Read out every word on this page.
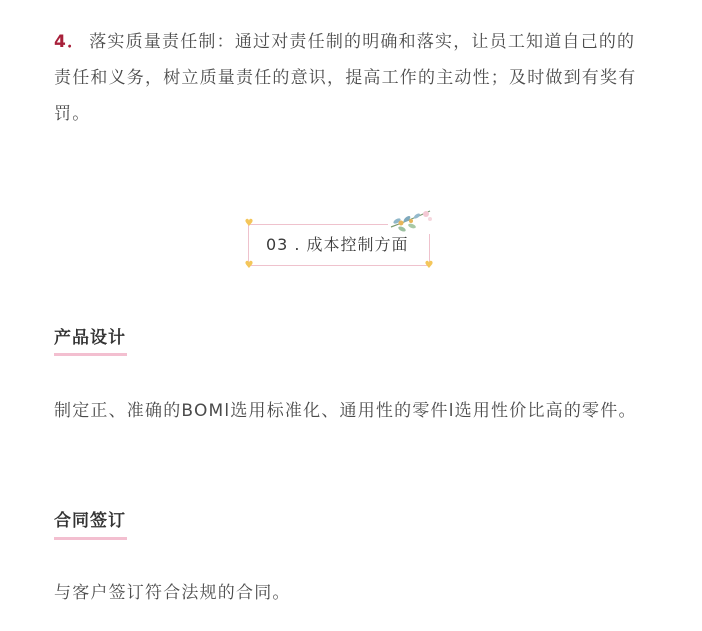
4． 落实质量责任制：通过对责任制的明确和落实，让员工知道自己的的责任和义务，树立质量责任的意识，提高工作的主动性；及时做到有奖有罚。

♥
♥	♥
03 . 成本控制方面
产品设计

制定正、准确的BOMl选用标准化、通用性的零件l选用性价比高的零件。

合同签订

与客户签订符合法规的合同。
